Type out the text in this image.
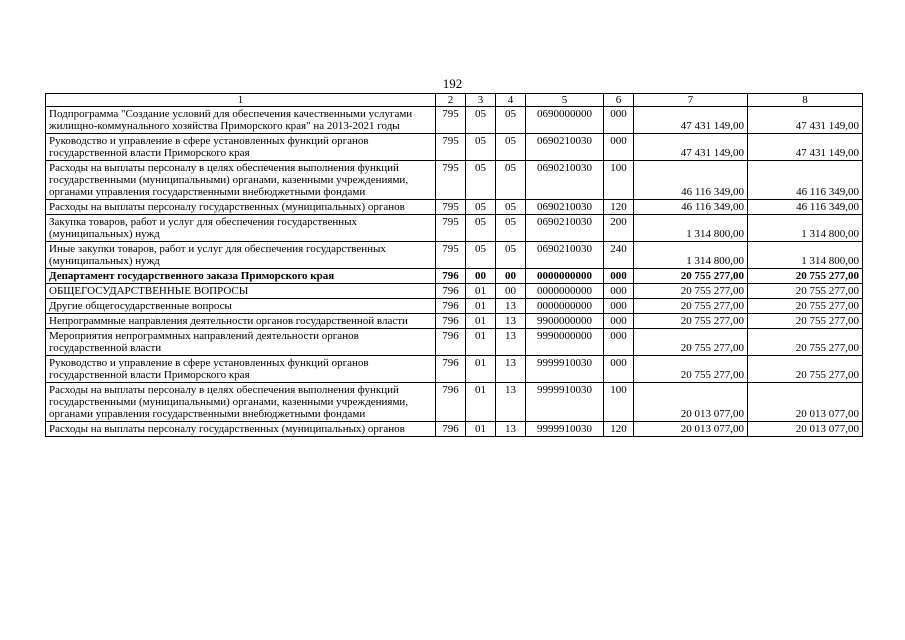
192
1	2	3	4	5	6	7	8
Подпрограмма "Создание условий для обеспечения качественными услугами жилищно-коммунального хозяйства Приморского края" на 2013-2021 годы	795	05	05	0690000000	000	47 431 149,00	47 431 149,00
Руководство и управление в сфере установленных функций органов государственной власти Приморского края	795	05	05	0690210030	000	47 431 149,00	47 431 149,00
Расходы на выплаты персоналу в целях обеспечения выполнения функций государственными (муниципальными) органами, казенными учреждениями, органами управления государственными внебюджетными фондами	795	05	05	0690210030	100	46 116 349,00	46 116 349,00
Расходы на выплаты персоналу государственных (муниципальных) органов	795	05	05	0690210030	120	46 116 349,00	46 116 349,00
Закупка товаров, работ и услуг для обеспечения государственных (муниципальных) нужд	795	05	05	0690210030	200	1 314 800,00	1 314 800,00
Иные закупки товаров, работ и услуг для обеспечения государственных (муниципальных) нужд	795	05	05	0690210030	240	1 314 800,00	1 314 800,00
Департамент государственного заказа Приморского края	796	00	00	0000000000	000	20 755 277,00	20 755 277,00
ОБЩЕГОСУДАРСТВЕННЫЕ ВОПРОСЫ	796	01	00	0000000000	000	20 755 277,00	20 755 277,00
Другие общегосударственные вопросы	796	01	13	0000000000	000	20 755 277,00	20 755 277,00
Непрограммные направления деятельности органов государственной власти	796	01	13	9900000000	000	20 755 277,00	20 755 277,00
Мероприятия непрограммных направлений деятельности органов государственной власти	796	01	13	9990000000	000	20 755 277,00	20 755 277,00
Руководство и управление в сфере установленных функций органов государственной власти Приморского края	796	01	13	9999910030	000	20 755 277,00	20 755 277,00
Расходы на выплаты персоналу в целях обеспечения выполнения функций государственными (муниципальными) органами, казенными учреждениями, органами управления государственными внебюджетными фондами	796	01	13	9999910030	100	20 013 077,00	20 013 077,00
Расходы на выплаты персоналу государственных (муниципальных) органов	796	01	13	9999910030	120	20 013 077,00	20 013 077,00
